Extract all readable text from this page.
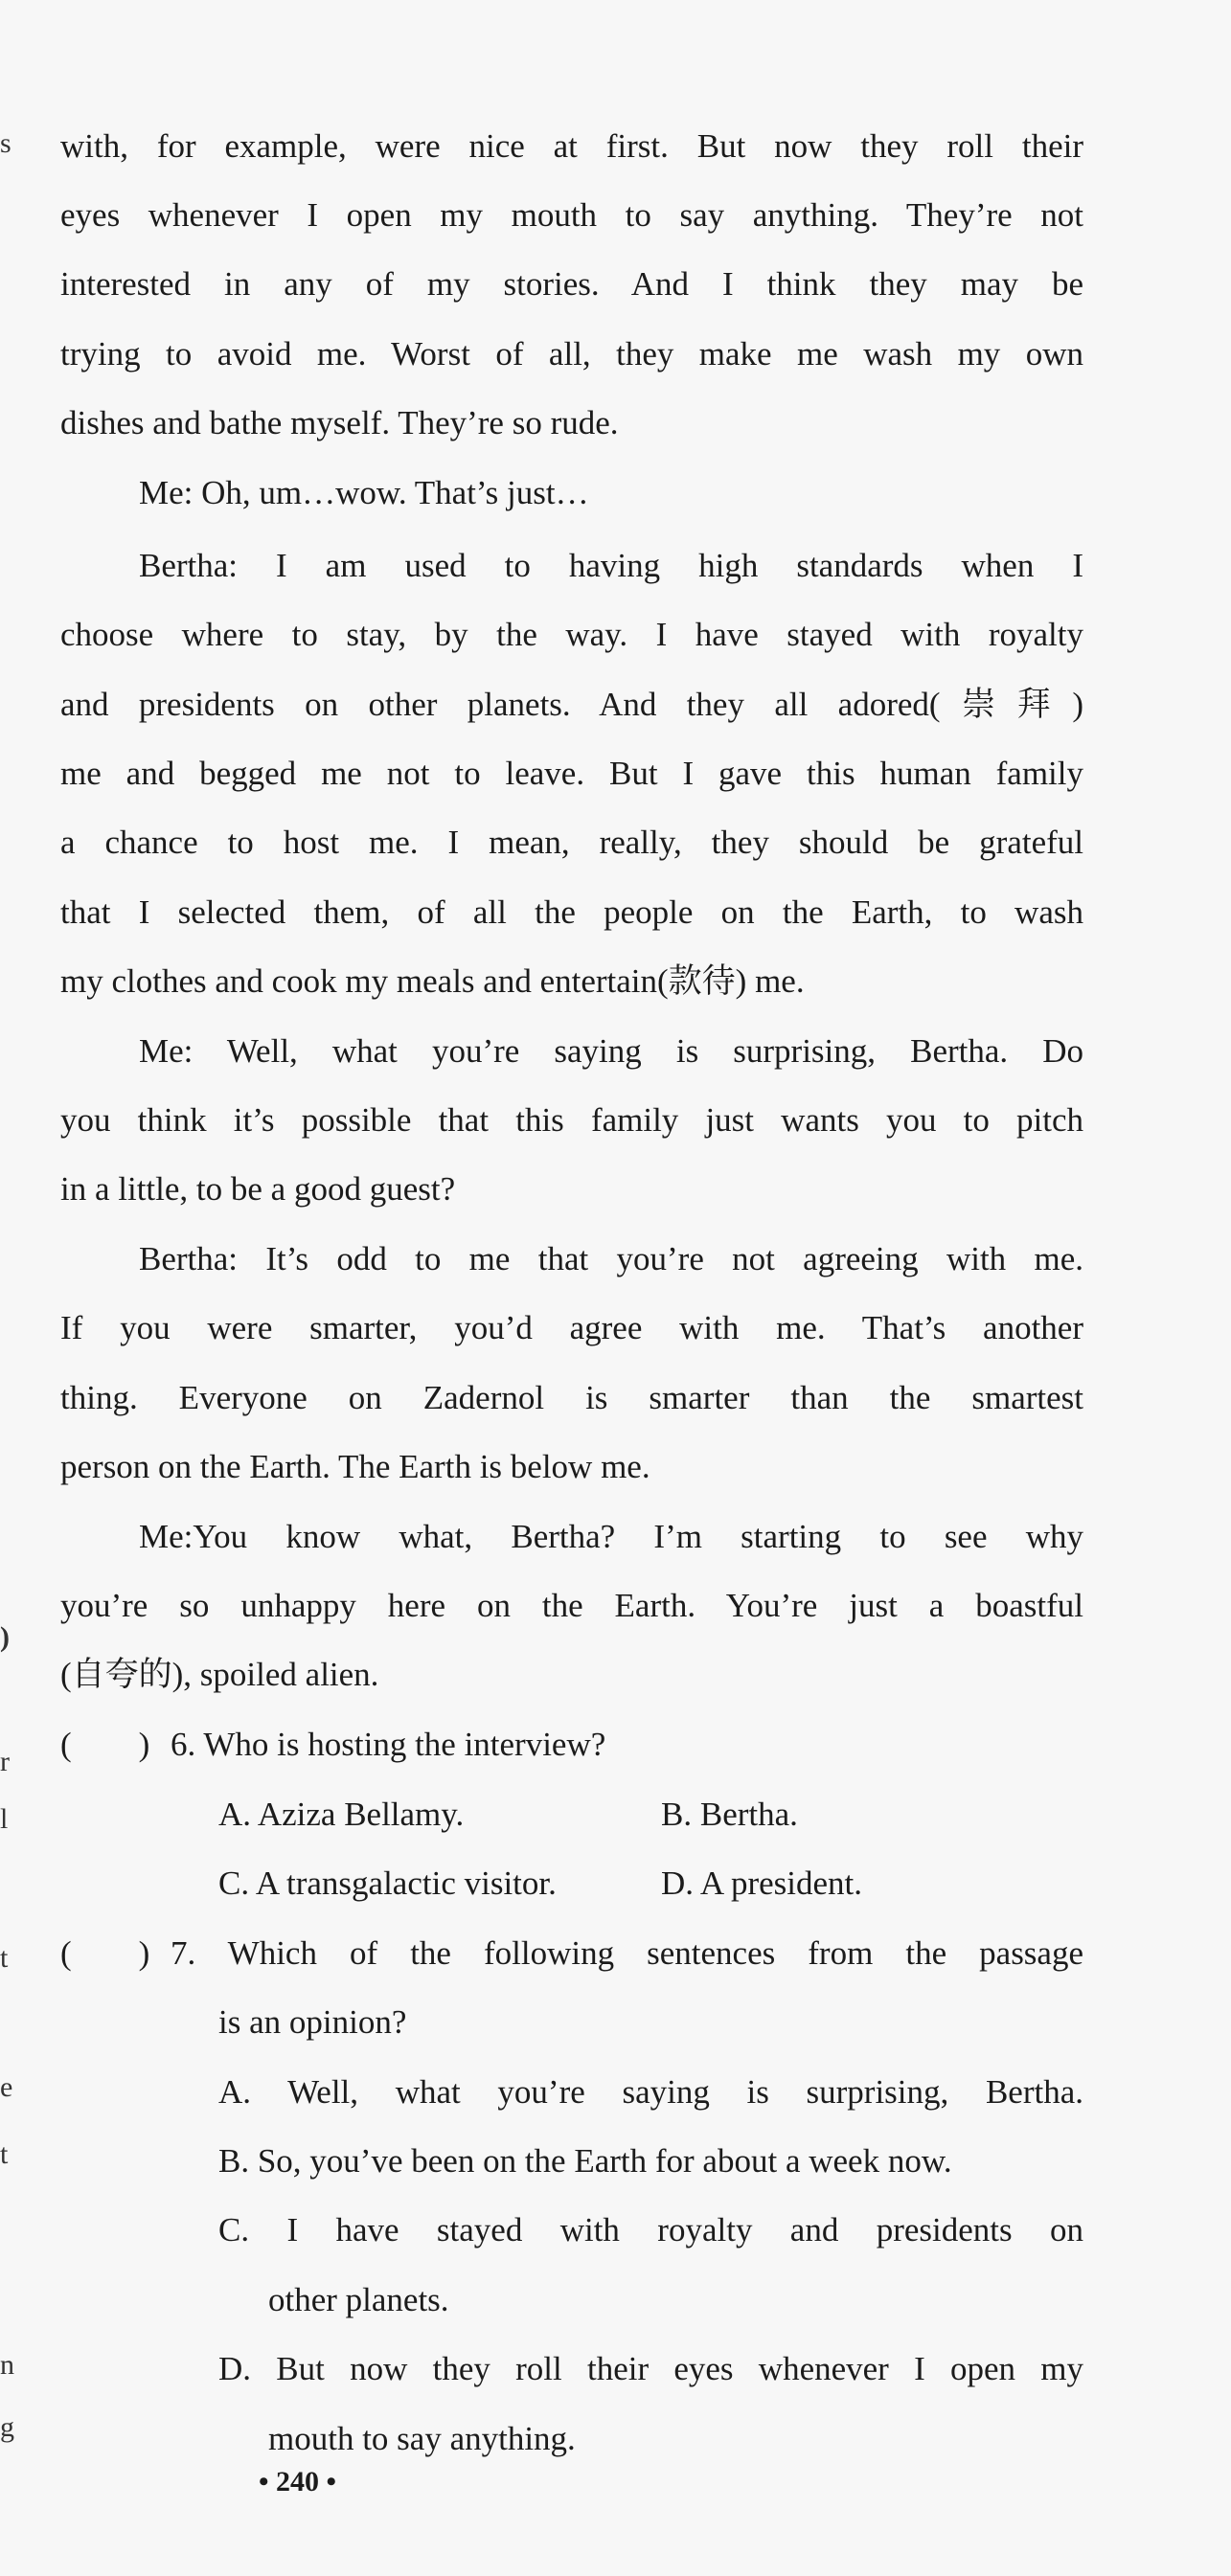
s
)
r
l
t
e
t
n
g
with, for example, were nice at first. But now they roll their
eyes whenever I open my mouth to say anything. They’re not
interested in any of my stories. And I think they may be
trying to avoid me. Worst of all, they make me wash my own
dishes and bathe myself. They’re so rude.
Me: Oh, um…wow. That’s just…
Bertha: I am used to having high standards when I
choose where to stay, by the way. I have stayed with royalty
and presidents on other planets. And they all adored(崇拜)
me and begged me not to leave. But I gave this human family
a chance to host me. I mean, really, they should be grateful
that I selected them, of all the people on the Earth, to wash
my clothes and cook my meals and entertain(款待) me.
Me: Well, what you’re saying is surprising, Bertha. Do
you think it’s possible that this family just wants you to pitch
in a little, to be a good guest?
Bertha: It’s odd to me that you’re not agreeing with me.
If you were smarter, you’d agree with me. That’s another
thing. Everyone on Zadernol is smarter than the smartest
person on the Earth. The Earth is below me.
Me:You know what, Bertha? I’m starting to see why
you’re so unhappy here on the Earth. You’re just a boastful
(自夸的), spoiled alien.
(　　) 6. Who is hosting the interview?
A. Aziza Bellamy.	B. Bertha.
C. A transgalactic visitor.	D. A president.
(　　) 7. Which of the following sentences from the passage
is an opinion?
A. Well, what you’re saying is surprising, Bertha.
B. So, you’ve been on the Earth for about a week now.
C. I have stayed with royalty and presidents on
other planets.
D. But now they roll their eyes whenever I open my
mouth to say anything.
• 240 •
